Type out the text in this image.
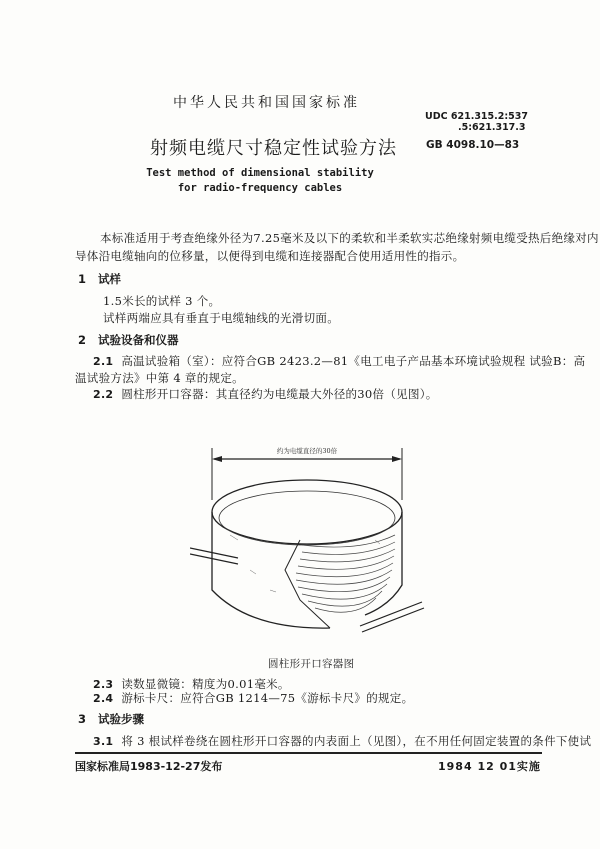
中华人民共和国国家标准
UDC 621.315.2:537
.5:621.317.3
射频电缆尺寸稳定性试验方法	GB 4098.10—83
Test method of dimensional stability
for radio-frequency cables
本标准适用于考查绝缘外径为7.25毫米及以下的柔软和半柔软实芯绝缘射频电缆受热后绝缘对内
导体沿电缆轴向的位移量，以便得到电缆和连接器配合使用适用性的指示。
1 试样
1.5米长的试样 3 个。
试样两端应具有垂直于电缆轴线的光滑切面。
2 试验设备和仪器
2.1 高温试验箱（室）：应符合GB 2423.2—81《电工电子产品基本环境试验规程 试验B：高
温试验方法》中第 4 章的规定。
2.2 圆柱形开口容器：其直径约为电缆最大外径的30倍（见图）。
约为电缆直径的30倍
圆柱形开口容器图
2.3 读数显微镜：精度为0.01毫米。
2.4 游标卡尺：应符合GB 1214—75《游标卡尺》的规定。
3 试验步骤
3.1 将 3 根试样卷绕在圆柱形开口容器的内表面上（见图），在不用任何固定装置的条件下使试
国家标准局1983-12-27发布	1984 12 01实施
